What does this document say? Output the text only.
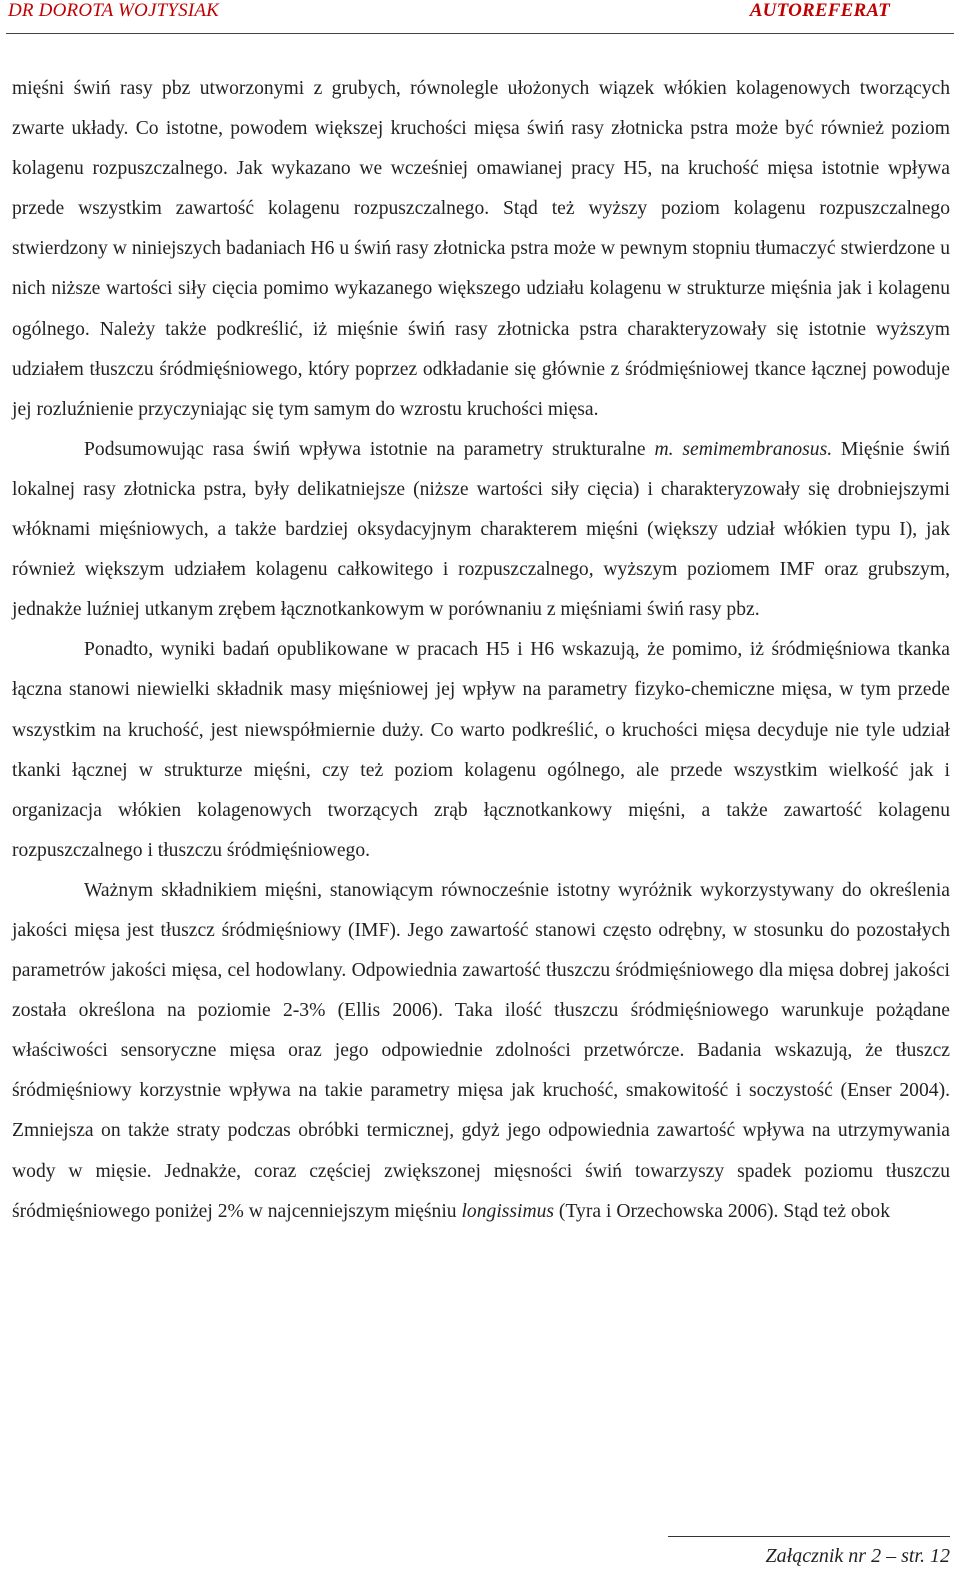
DR DOROTA WOJTYSIAK	AUTOREFERAT

mięśni świń rasy pbz utworzonymi z grubych, równolegle ułożonych wiązek włókien kolagenowych tworzących zwarte układy. Co istotne, powodem większej kruchości mięsa świń rasy złotnicka pstra może być również poziom kolagenu rozpuszczalnego. Jak wykazano we wcześniej omawianej pracy H5, na kruchość mięsa istotnie wpływa przede wszystkim zawartość kolagenu rozpuszczalnego. Stąd też wyższy poziom kolagenu rozpuszczalnego stwierdzony w niniejszych badaniach H6 u świń rasy złotnicka pstra może w pewnym stopniu tłumaczyć stwierdzone u nich niższe wartości siły cięcia pomimo wykazanego większego udziału kolagenu w strukturze mięśnia jak i kolagenu ogólnego. Należy także podkreślić, iż mięśnie świń rasy złotnicka pstra charakteryzowały się istotnie wyższym udziałem tłuszczu śródmięśniowego, który poprzez odkładanie się głównie z śródmięśniowej tkance łącznej powoduje jej rozluźnienie przyczyniając się tym samym do wzrostu kruchości mięsa.

Podsumowując rasa świń wpływa istotnie na parametry strukturalne m. semimembranosus. Mięśnie świń lokalnej rasy złotnicka pstra, były delikatniejsze (niższe wartości siły cięcia) i charakteryzowały się drobniejszymi włóknami mięśniowych, a także bardziej oksydacyjnym charakterem mięśni (większy udział włókien typu I), jak również większym udziałem kolagenu całkowitego i rozpuszczalnego, wyższym poziomem IMF oraz grubszym, jednakże luźniej utkanym zrębem łącznotkankowym w porównaniu z mięśniami świń rasy pbz.

Ponadto, wyniki badań opublikowane w pracach H5 i H6 wskazują, że pomimo, iż śródmięśniowa tkanka łączna stanowi niewielki składnik masy mięśniowej jej wpływ na parametry fizyko-chemiczne mięsa, w tym przede wszystkim na kruchość, jest niewspółmiernie duży. Co warto podkreślić, o kruchości mięsa decyduje nie tyle udział tkanki łącznej w strukturze mięśni, czy też poziom kolagenu ogólnego, ale przede wszystkim wielkość jak i organizacja włókien kolagenowych tworzących zrąb łącznotkankowy mięśni, a także zawartość kolagenu rozpuszczalnego i tłuszczu śródmięśniowego.

Ważnym składnikiem mięśni, stanowiącym równocześnie istotny wyróżnik wykorzystywany do określenia jakości mięsa jest tłuszcz śródmięśniowy (IMF). Jego zawartość stanowi często odrębny, w stosunku do pozostałych parametrów jakości mięsa, cel hodowlany. Odpowiednia zawartość tłuszczu śródmięśniowego dla mięsa dobrej jakości została określona na poziomie 2-3% (Ellis 2006). Taka ilość tłuszczu śródmięśniowego warunkuje pożądane właściwości sensoryczne mięsa oraz jego odpowiednie zdolności przetwórcze. Badania wskazują, że tłuszcz śródmięśniowy korzystnie wpływa na takie parametry mięsa jak kruchość, smakowitość i soczystość (Enser 2004). Zmniejsza on także straty podczas obróbki termicznej, gdyż jego odpowiednia zawartość wpływa na utrzymywania wody w mięsie. Jednakże, coraz częściej zwiększonej mięsności świń towarzyszy spadek poziomu tłuszczu śródmięśniowego poniżej 2% w najcenniejszym mięśniu longissimus (Tyra i Orzechowska 2006). Stąd też obok

Załącznik nr 2 – str. 12
